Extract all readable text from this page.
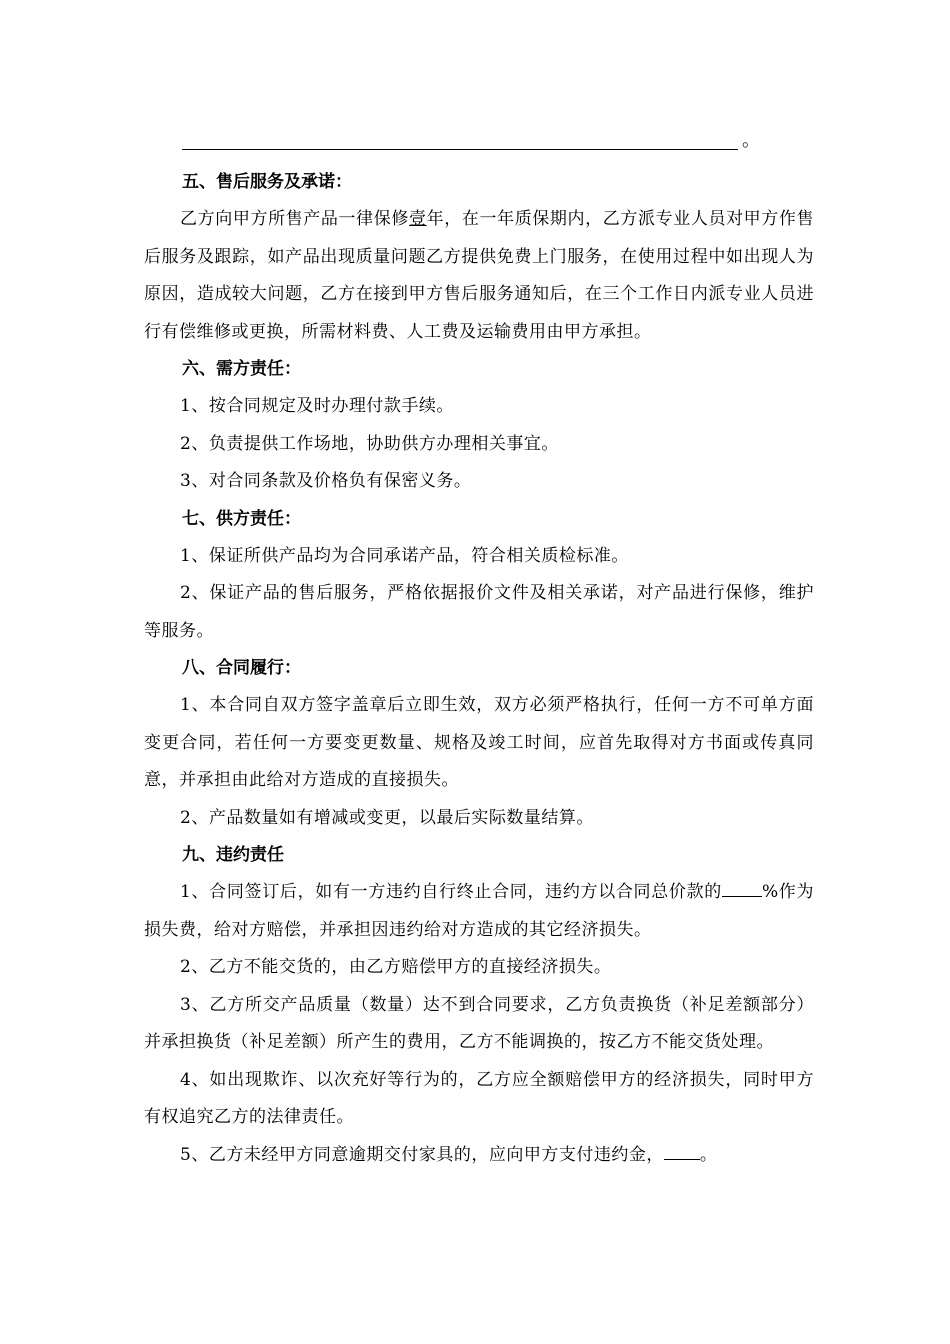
。

五、售后服务及承诺：

乙方向甲方所售产品一律保修壹年，在一年质保期内，乙方派专业人员对甲方作售后服务及跟踪，如产品出现质量问题乙方提供免费上门服务，在使用过程中如出现人为原因，造成较大问题，乙方在接到甲方售后服务通知后，在三个工作日内派专业人员进行有偿维修或更换，所需材料费、人工费及运输费用由甲方承担。

六、需方责任：

1、按合同规定及时办理付款手续。

2、负责提供工作场地，协助供方办理相关事宜。

3、对合同条款及价格负有保密义务。

七、供方责任：

1、保证所供产品均为合同承诺产品，符合相关质检标准。

2、保证产品的售后服务，严格依据报价文件及相关承诺，对产品进行保修，维护等服务。

八、合同履行：

1、本合同自双方签字盖章后立即生效，双方必须严格执行，任何一方不可单方面变更合同，若任何一方要变更数量、规格及竣工时间，应首先取得对方书面或传真同意，并承担由此给对方造成的直接损失。

2、产品数量如有增减或变更，以最后实际数量结算。

九、违约责任

1、合同签订后，如有一方违约自行终止合同，违约方以合同总价款的 %作为损失费，给对方赔偿，并承担因违约给对方造成的其它经济损失。

2、乙方不能交货的，由乙方赔偿甲方的直接经济损失。

3、乙方所交产品质量（数量）达不到合同要求，乙方负责换货（补足差额部分）并承担换货（补足差额）所产生的费用，乙方不能调换的，按乙方不能交货处理。

4、如出现欺诈、以次充好等行为的，乙方应全额赔偿甲方的经济损失，同时甲方有权追究乙方的法律责任。

5、乙方未经甲方同意逾期交付家具的，应向甲方支付违约金， 。
